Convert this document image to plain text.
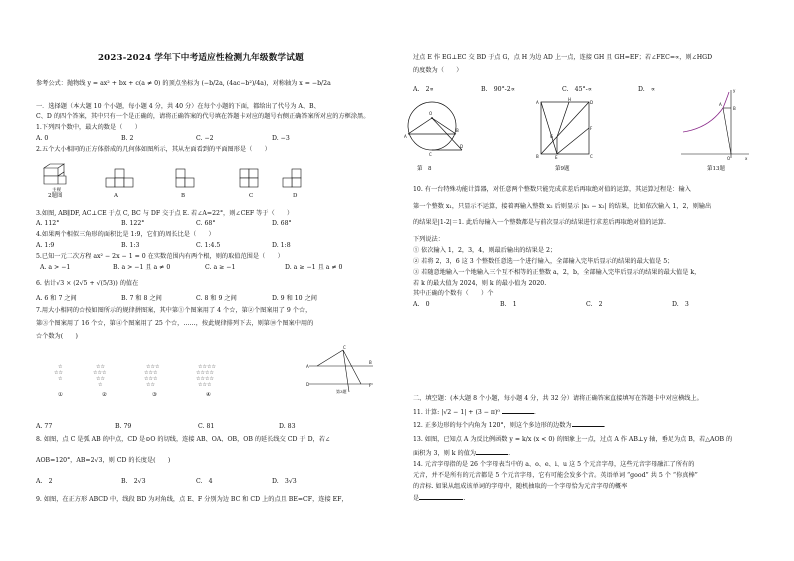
2023-2024 学年下中考适应性检测九年级数学试题
参考公式：抛物线 y = ax² + bx + c(a ≠ 0) 的顶点坐标为 (−b/2a, (4ac−b²)/4a)，对称轴为 x = −b/2a
一．选择题（本大题 10 个小题，每小题 4 分，共 40 分）在每个小题的下面，都给出了代号为 A、B、
C、D 的四个答案，其中只有一个是正确的，请将正确答案的代号填在答题卡对应的题号右侧正确答案所对应的方框涂黑。
1.下列四个数中，最大的数是（　　）
A. 0	B. 2	C. −2	D. −3
2.五个大小相同的正方体搭成的几何体如图所示，其从左面看到的平面图形是（　　）
主视
2题图	A	B	C	D
3.如图, AB∥DF, AC⊥CE 于点 C, BC 与 DF 交于点 E. 若∠A=22°，则∠CEF 等于（　　）
A. 112°	B. 122°	C. 68°	D. 68°
4.如果两个相似三角形的面积比是 1:9，它们的周长比是（　　）
A. 1:9	B. 1:3	C. 1:4.5	D. 1:8
5.已知一元二次方程 ax² − 2x − 1 = 0 在实数范围内有两个根，则的取值范围是（　　）
A. a > −1	B. a > −1 且 a ≠ 0	C. a ≥ −1	D. a ≥ −1 且 a ≠ 0
6. 估计√3 × (2√5 + √(5/3)) 的值在
A. 6 和 7 之间	B. 7 和 8 之间	C. 8 和 9 之间	D. 9 和 10 之间
7.用大小相同的☆按如图所示的规律拼图案，其中第①个图案用了 4 个☆，第②个图案用了 9 个☆，
第③个图案用了 16 个☆，第④个图案用了 25 个☆，……，按此规律排列下去，则第⑩个图案中用的
☆个数为(　　)
☆
☆☆
☆
☆☆
☆☆☆
☆☆
☆
☆☆☆
☆☆☆
☆☆☆
☆☆
☆☆☆☆
☆☆☆☆
☆☆☆☆
☆☆☆
①	②	③	④
C
A
B
D	F
第3题
A. 77	B. 79	C. 81	D. 83
8. 如图，点 C 是弧 AB 的中点，CD 是⊙O 的切线，连接 AB、OA、OB，OB 的延长线交 CD 于 D，若∠
AOB=120°，AB=2√3，则 CD 的长度是(　　)
A.　2	B.　2√3	C.　4	D.　3√3
9. 如图，在正方形 ABCD 中，线段 BD 为对角线，点 E、F 分别为边 BC 和 CD 上的点且 BE=CF，连接 EF，
过点 E 作 EG⊥EC 交 BD 于点 G，点 H 为边 AD 上一点，连接 GH 且 GH=EF；若∠FEC=∝，则∠HGD
的度数为（　　）
A.　2∝	B.　90°-2∝	C.　45°-∝	D.　∝
O
A
B
C
D
第　8
A
H
D
B	E	C
F
G
第9题
y
x
A
B
O
第13题
10. 有一台特殊功能计算器，对任意两个整数只能完成求差后再取绝对值的运算，其运算过程是：输入
第一个整数 x₁，只显示不运算，接着再输入整数 x₂ 后则显示 |x₁ − x₂| 的结果，比如依次输入 1，2，则输出
的结果是|1-2|＝1. 此后每输入一个整数都是与前次显示的结果进行求差后再取绝对值的运算.
下列说法：
① 依次输入 1，2，3，4，则最后输出的结果是 2；
② 若将 2，3，6 这 3 个整数任意选一个进行输入，全部输入完毕后显示的结果的最大值是 5；
③ 若随意地输入一个地输入三个互不相等的正整数 a，2，b，全部输入完毕后显示的结果的最大值是 k，
若 k 的最大值为 2024，则 k 的最小值为 2020.
其中正确的个数有（　　）个
A.　0	B.　1	C.　2	D.　3
二、填空题：(本大题 8 个小题，每小题 4 分，共 32 分）请将正确答案直接填写在答题卡中对应横线上。
11. 计算: |√2 − 1| + (3 − π)⁰	.
12. 正多边形的每个内角为 120°，则这个多边形的边数为	.
13. 如图，已知点 A 为反比例函数 y = k/x (x < 0) 的图象上一点，过点 A 作 AB⊥y 轴，垂足为点 B，若△AOB 的
面积为 3，则 k 的值为	.
14. 元音字母指的是 26 个字母表当中的 a、o、e、i、u 这 5 个元音字母，这些元音字母融汇了所有的
元音，并不是所有的元音都是 5 个元音字母，它有可能会发多个音。英语单词 “good” 共 5 个 “你真棒”
的音标. 如果从组成该单词的字母中，随机抽取的一个字母恰为元音字母的概率
是	.
